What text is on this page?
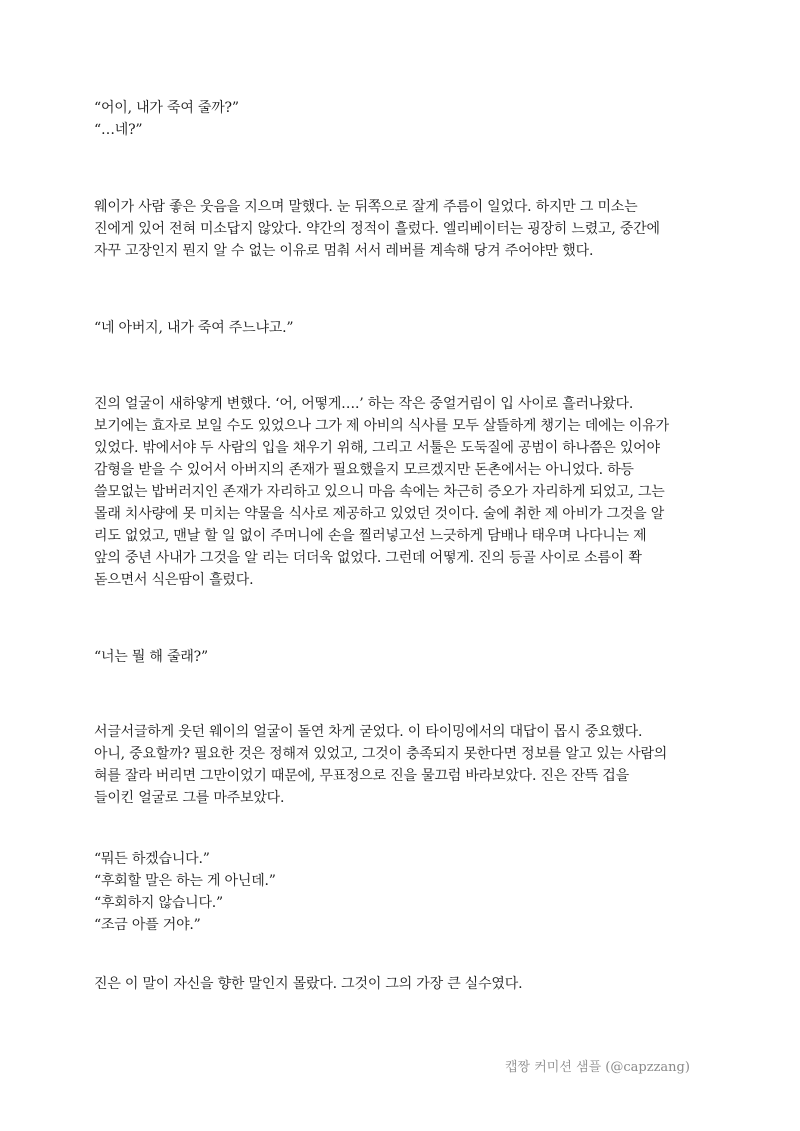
“어이, 내가 죽여 줄까?”
“…네?”
웨이가 사람 좋은 웃음을 지으며 말했다. 눈 뒤쪽으로 잘게 주름이 일었다. 하지만 그 미소는
진에게 있어 전혀 미소답지 않았다. 약간의 정적이 흘렀다. 엘리베이터는 굉장히 느렸고, 중간에
자꾸 고장인지 뭔지 알 수 없는 이유로 멈춰 서서 레버를 계속해 당겨 주어야만 했다.
“네 아버지, 내가 죽여 주느냐고.”
진의 얼굴이 새하얗게 변했다. ‘어, 어떻게….’ 하는 작은 중얼거림이 입 사이로 흘러나왔다.
보기에는 효자로 보일 수도 있었으나 그가 제 아비의 식사를 모두 살뜰하게 챙기는 데에는 이유가
있었다. 밖에서야 두 사람의 입을 채우기 위해, 그리고 서툴은 도둑질에 공범이 하나쯤은 있어야
감형을 받을 수 있어서 아버지의 존재가 필요했을지 모르겠지만 돈촌에서는 아니었다. 하등
쓸모없는 밥버러지인 존재가 자리하고 있으니 마음 속에는 차근히 증오가 자리하게 되었고, 그는
몰래 치사량에 못 미치는 약물을 식사로 제공하고 있었던 것이다. 술에 취한 제 아비가 그것을 알
리도 없었고, 맨날 할 일 없이 주머니에 손을 찔러넣고선 느긋하게 담배나 태우며 나다니는 제
앞의 중년 사내가 그것을 알 리는 더더욱 없었다. 그런데 어떻게. 진의 등골 사이로 소름이 쫙
돋으면서 식은땀이 흘렀다.
“너는 뭘 해 줄래?”
서글서글하게 웃던 웨이의 얼굴이 돌연 차게 굳었다. 이 타이밍에서의 대답이 몹시 중요했다.
아니, 중요할까? 필요한 것은 정해져 있었고, 그것이 충족되지 못한다면 정보를 알고 있는 사람의
혀를 잘라 버리면 그만이었기 때문에, 무표정으로 진을 물끄럼 바라보았다. 진은 잔뜩 겁을
들이킨 얼굴로 그를 마주보았다.
“뭐든 하겠습니다.”
“후회할 말은 하는 게 아닌데.”
“후회하지 않습니다.”
“조금 아플 거야.”
진은 이 말이 자신을 향한 말인지 몰랐다. 그것이 그의 가장 큰 실수였다.
캡짱 커미션 샘플 (@capzzang)
